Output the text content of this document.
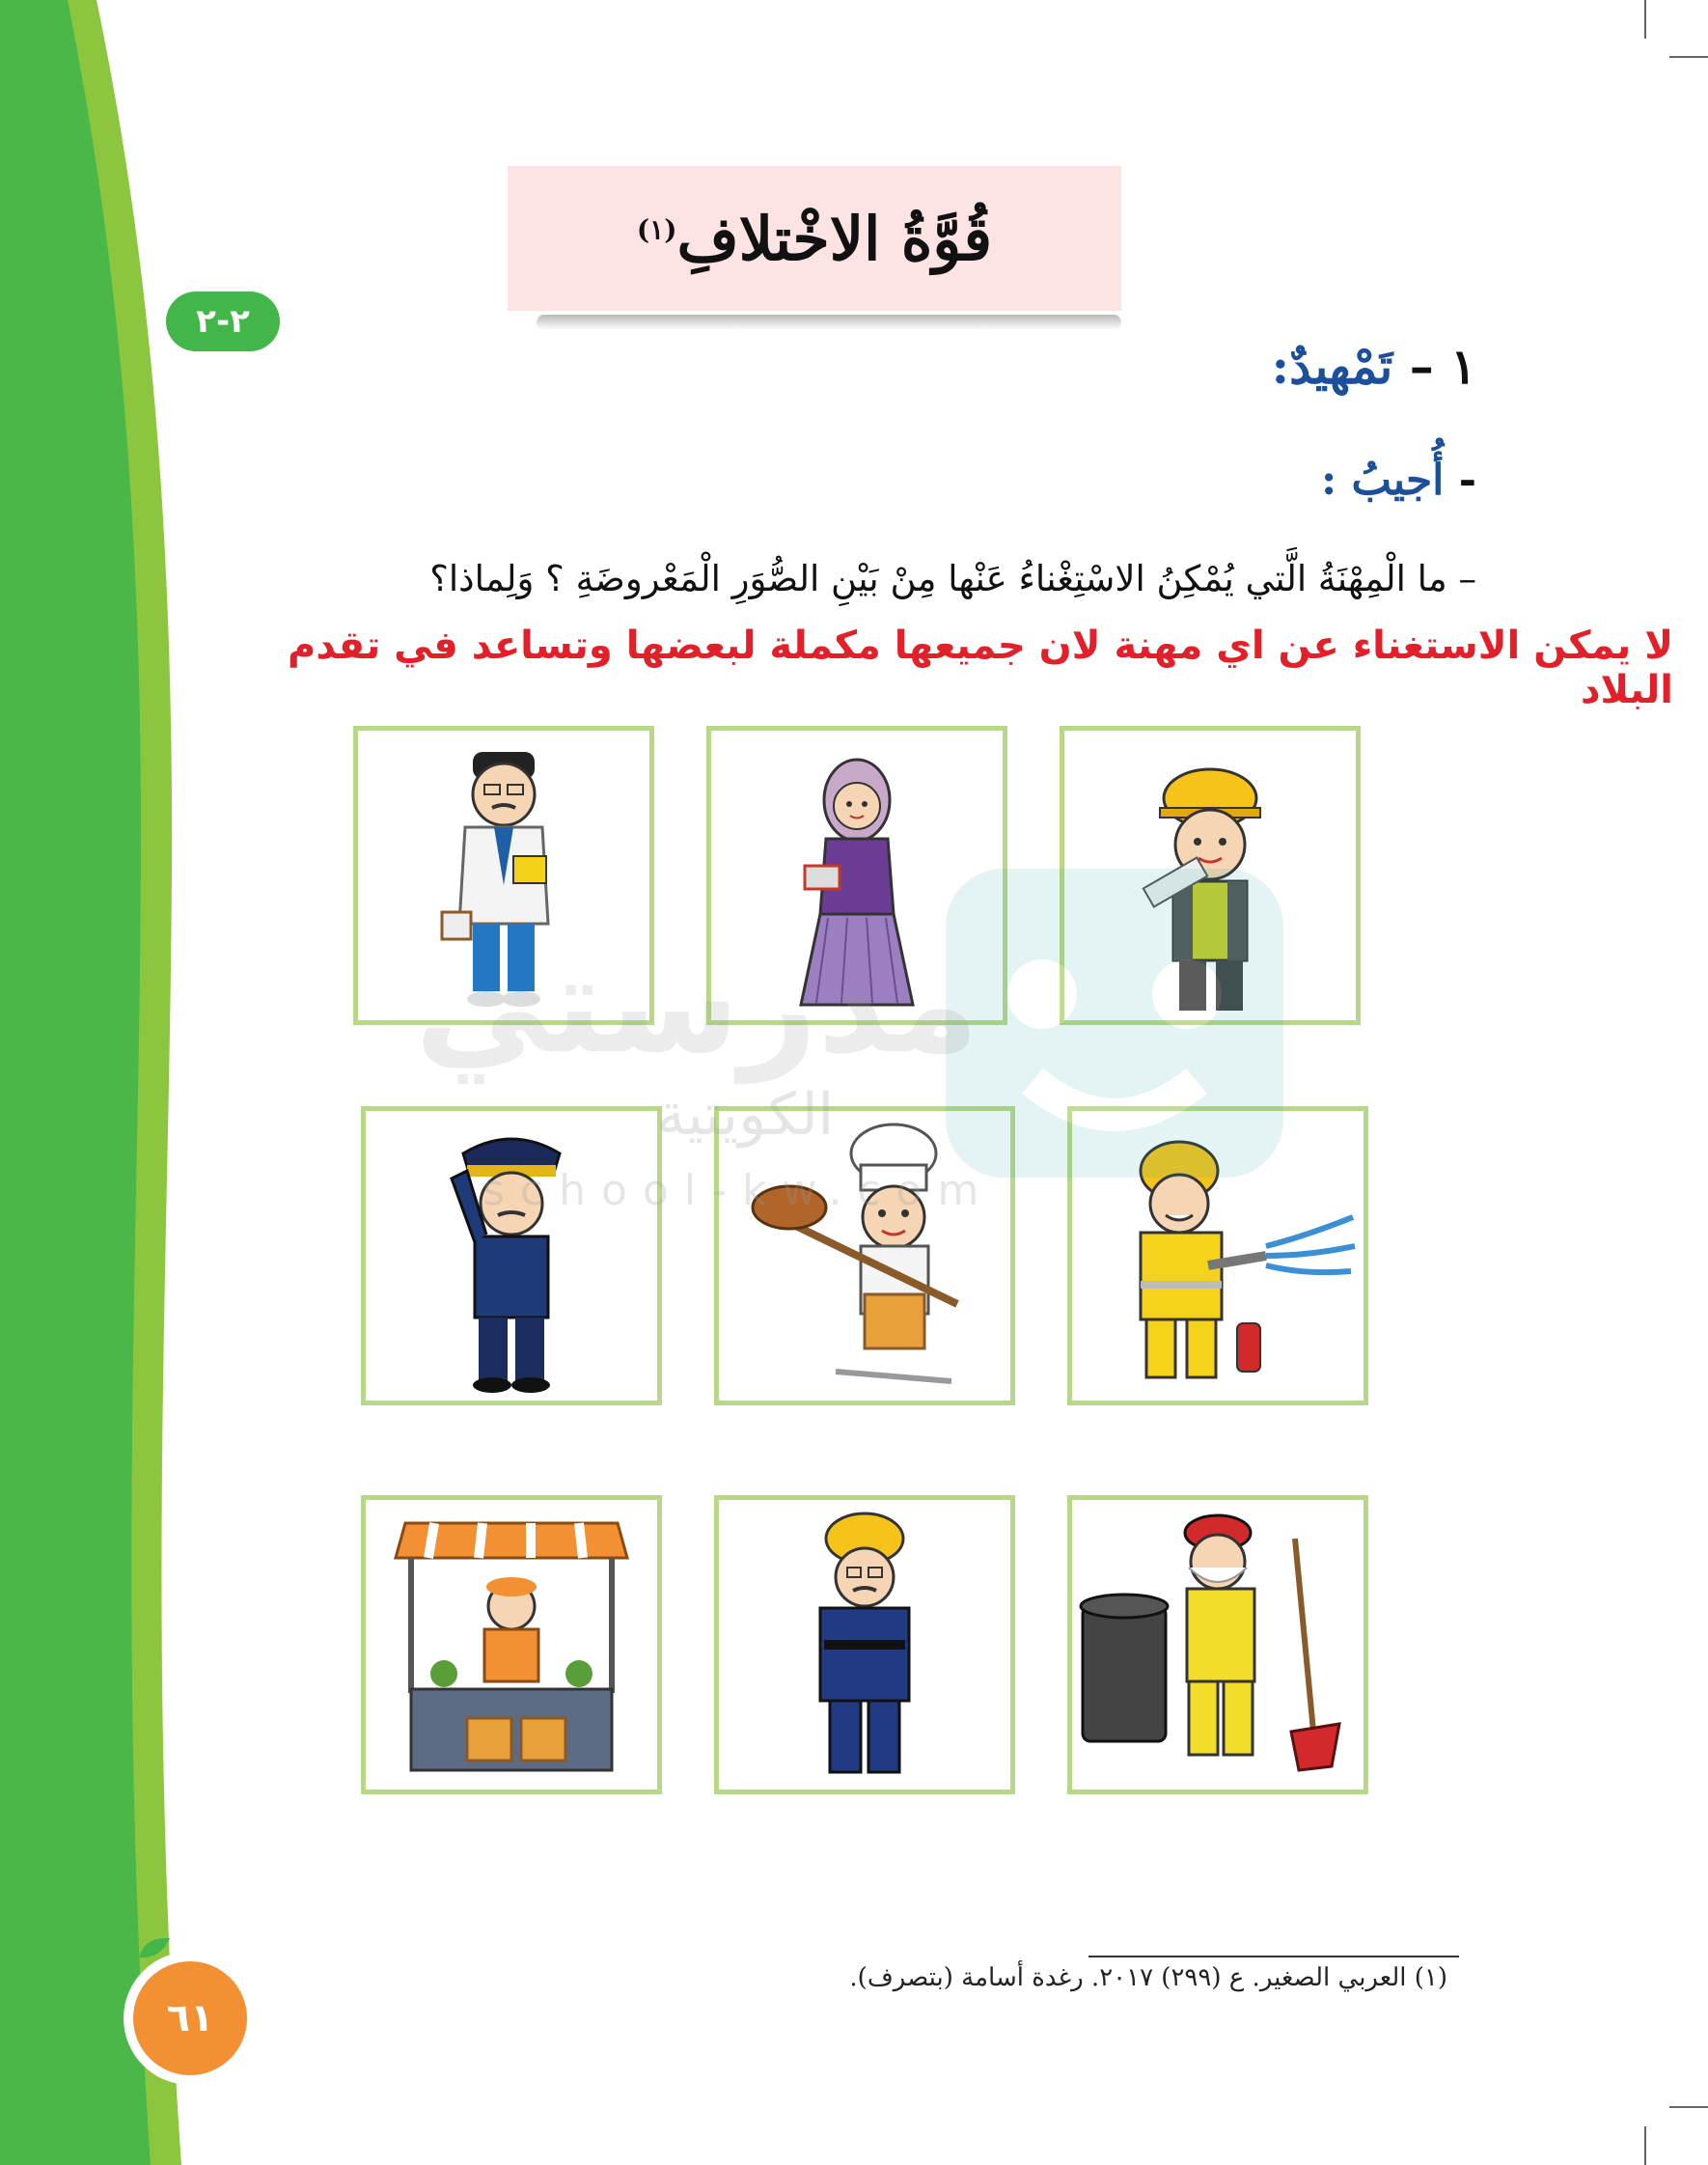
٢-٢
قُوَّةُ الاخْتلافِ$^{(١)}$
١ – تَمْهيدٌ:
- أُجيبُ :
– ما الْمِهْنَةُ الَّتي يُمْكِنُ الاسْتِغْناءُ عَنْها مِنْ بَيْنِ الصُّوَرِ الْمَعْروضَةِ ؟ وَلِماذا؟
لا يمكن الاستغناء عن اي مهنة لان جميعها مكملة لبعضها وتساعد في تقدم البلاد
مدرستي
الكويتية
school-kw.com
(١) العربي الصغير. ع (٢٩٩) ٢٠١٧. رغدة أسامة (بتصرف).
٦١
